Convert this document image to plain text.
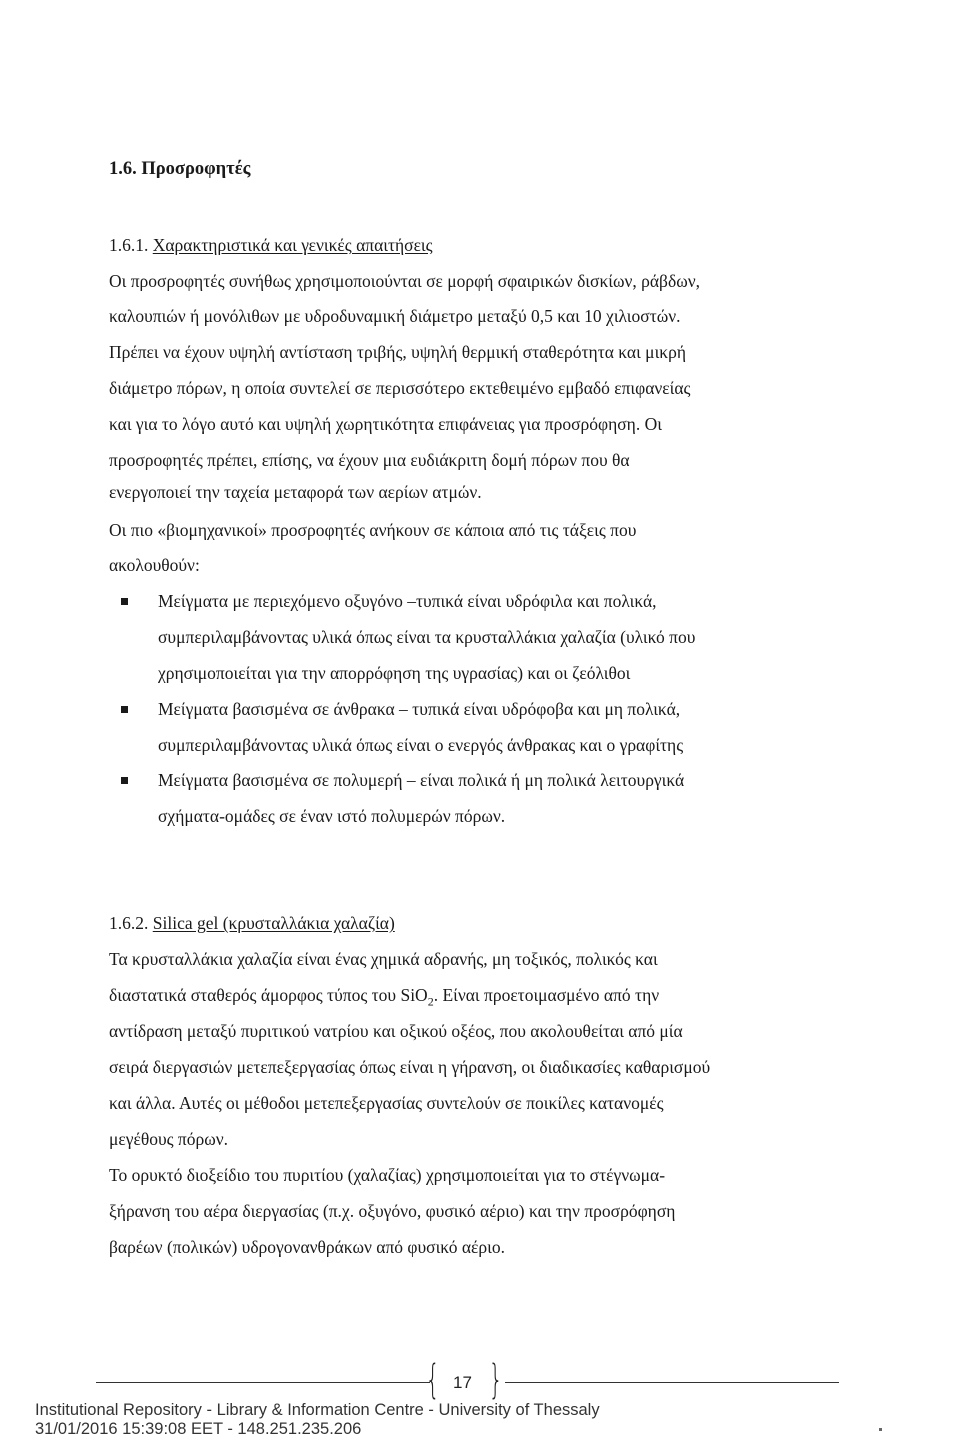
1.6. Προσροφητές
1.6.1. Χαρακτηριστικά και γενικές απαιτήσεις
Οι προσροφητές συνήθως χρησιμοποιούνται σε μορφή σφαιρικών δισκίων, ράβδων,
καλουπιών ή μονόλιθων με υδροδυναμική διάμετρο μεταξύ 0,5 και 10 χιλιοστών.
Πρέπει να έχουν υψηλή αντίσταση τριβής, υψηλή θερμική σταθερότητα και μικρή
διάμετρο πόρων, η οποία συντελεί σε περισσότερο εκτεθειμένο εμβαδό επιφανείας
και για το λόγο αυτό και υψηλή χωρητικότητα επιφάνειας για προσρόφηση. Οι
προσροφητές πρέπει, επίσης, να έχουν μια ευδιάκριτη δομή πόρων που θα
ενεργοποιεί την ταχεία μεταφορά των αερίων ατμών.
Οι πιο «βιομηχανικοί» προσροφητές ανήκουν σε κάποια από τις τάξεις που
ακολουθούν:
Μείγματα με περιεχόμενο οξυγόνο –τυπικά είναι υδρόφιλα και πολικά,
συμπεριλαμβάνοντας υλικά όπως είναι τα κρυσταλλάκια χαλαζία (υλικό που
χρησιμοποιείται για την απορρόφηση της υγρασίας) και οι ζεόλιθοι
Μείγματα βασισμένα σε άνθρακα – τυπικά είναι υδρόφοβα και μη πολικά,
συμπεριλαμβάνοντας υλικά όπως είναι ο ενεργός άνθρακας και ο γραφίτης
Μείγματα βασισμένα σε πολυμερή – είναι πολικά ή μη πολικά λειτουργικά
σχήματα-ομάδες σε έναν ιστό πολυμερών πόρων.
1.6.2. Silica gel (κρυσταλλάκια χαλαζία)
Τα κρυσταλλάκια χαλαζία είναι ένας χημικά αδρανής, μη τοξικός, πολικός και
διαστατικά σταθερός άμορφος τύπος του SiO$_2$. Είναι προετοιμασμένο από την
αντίδραση μεταξύ πυριτικού νατρίου και οξικού οξέος, που ακολουθείται από μία
σειρά διεργασιών μετεπεξεργασίας όπως είναι η γήρανση, οι διαδικασίες καθαρισμού
και άλλα. Αυτές οι μέθοδοι μετεπεξεργασίας συντελούν σε ποικίλες κατανομές
μεγέθους πόρων.
Το ορυκτό διοξείδιο του πυριτίου (χαλαζίας) χρησιμοποιείται για το στέγνωμα-
ξήρανση του αέρα διεργασίας (π.χ. οξυγόνο, φυσικό αέριο) και την προσρόφηση
βαρέων (πολικών) υδρογονανθράκων από φυσικό αέριο.
{ 17 }
Institutional Repository - Library & Information Centre - University of Thessaly
31/01/2016 15:39:08 EET - 148.251.235.206
